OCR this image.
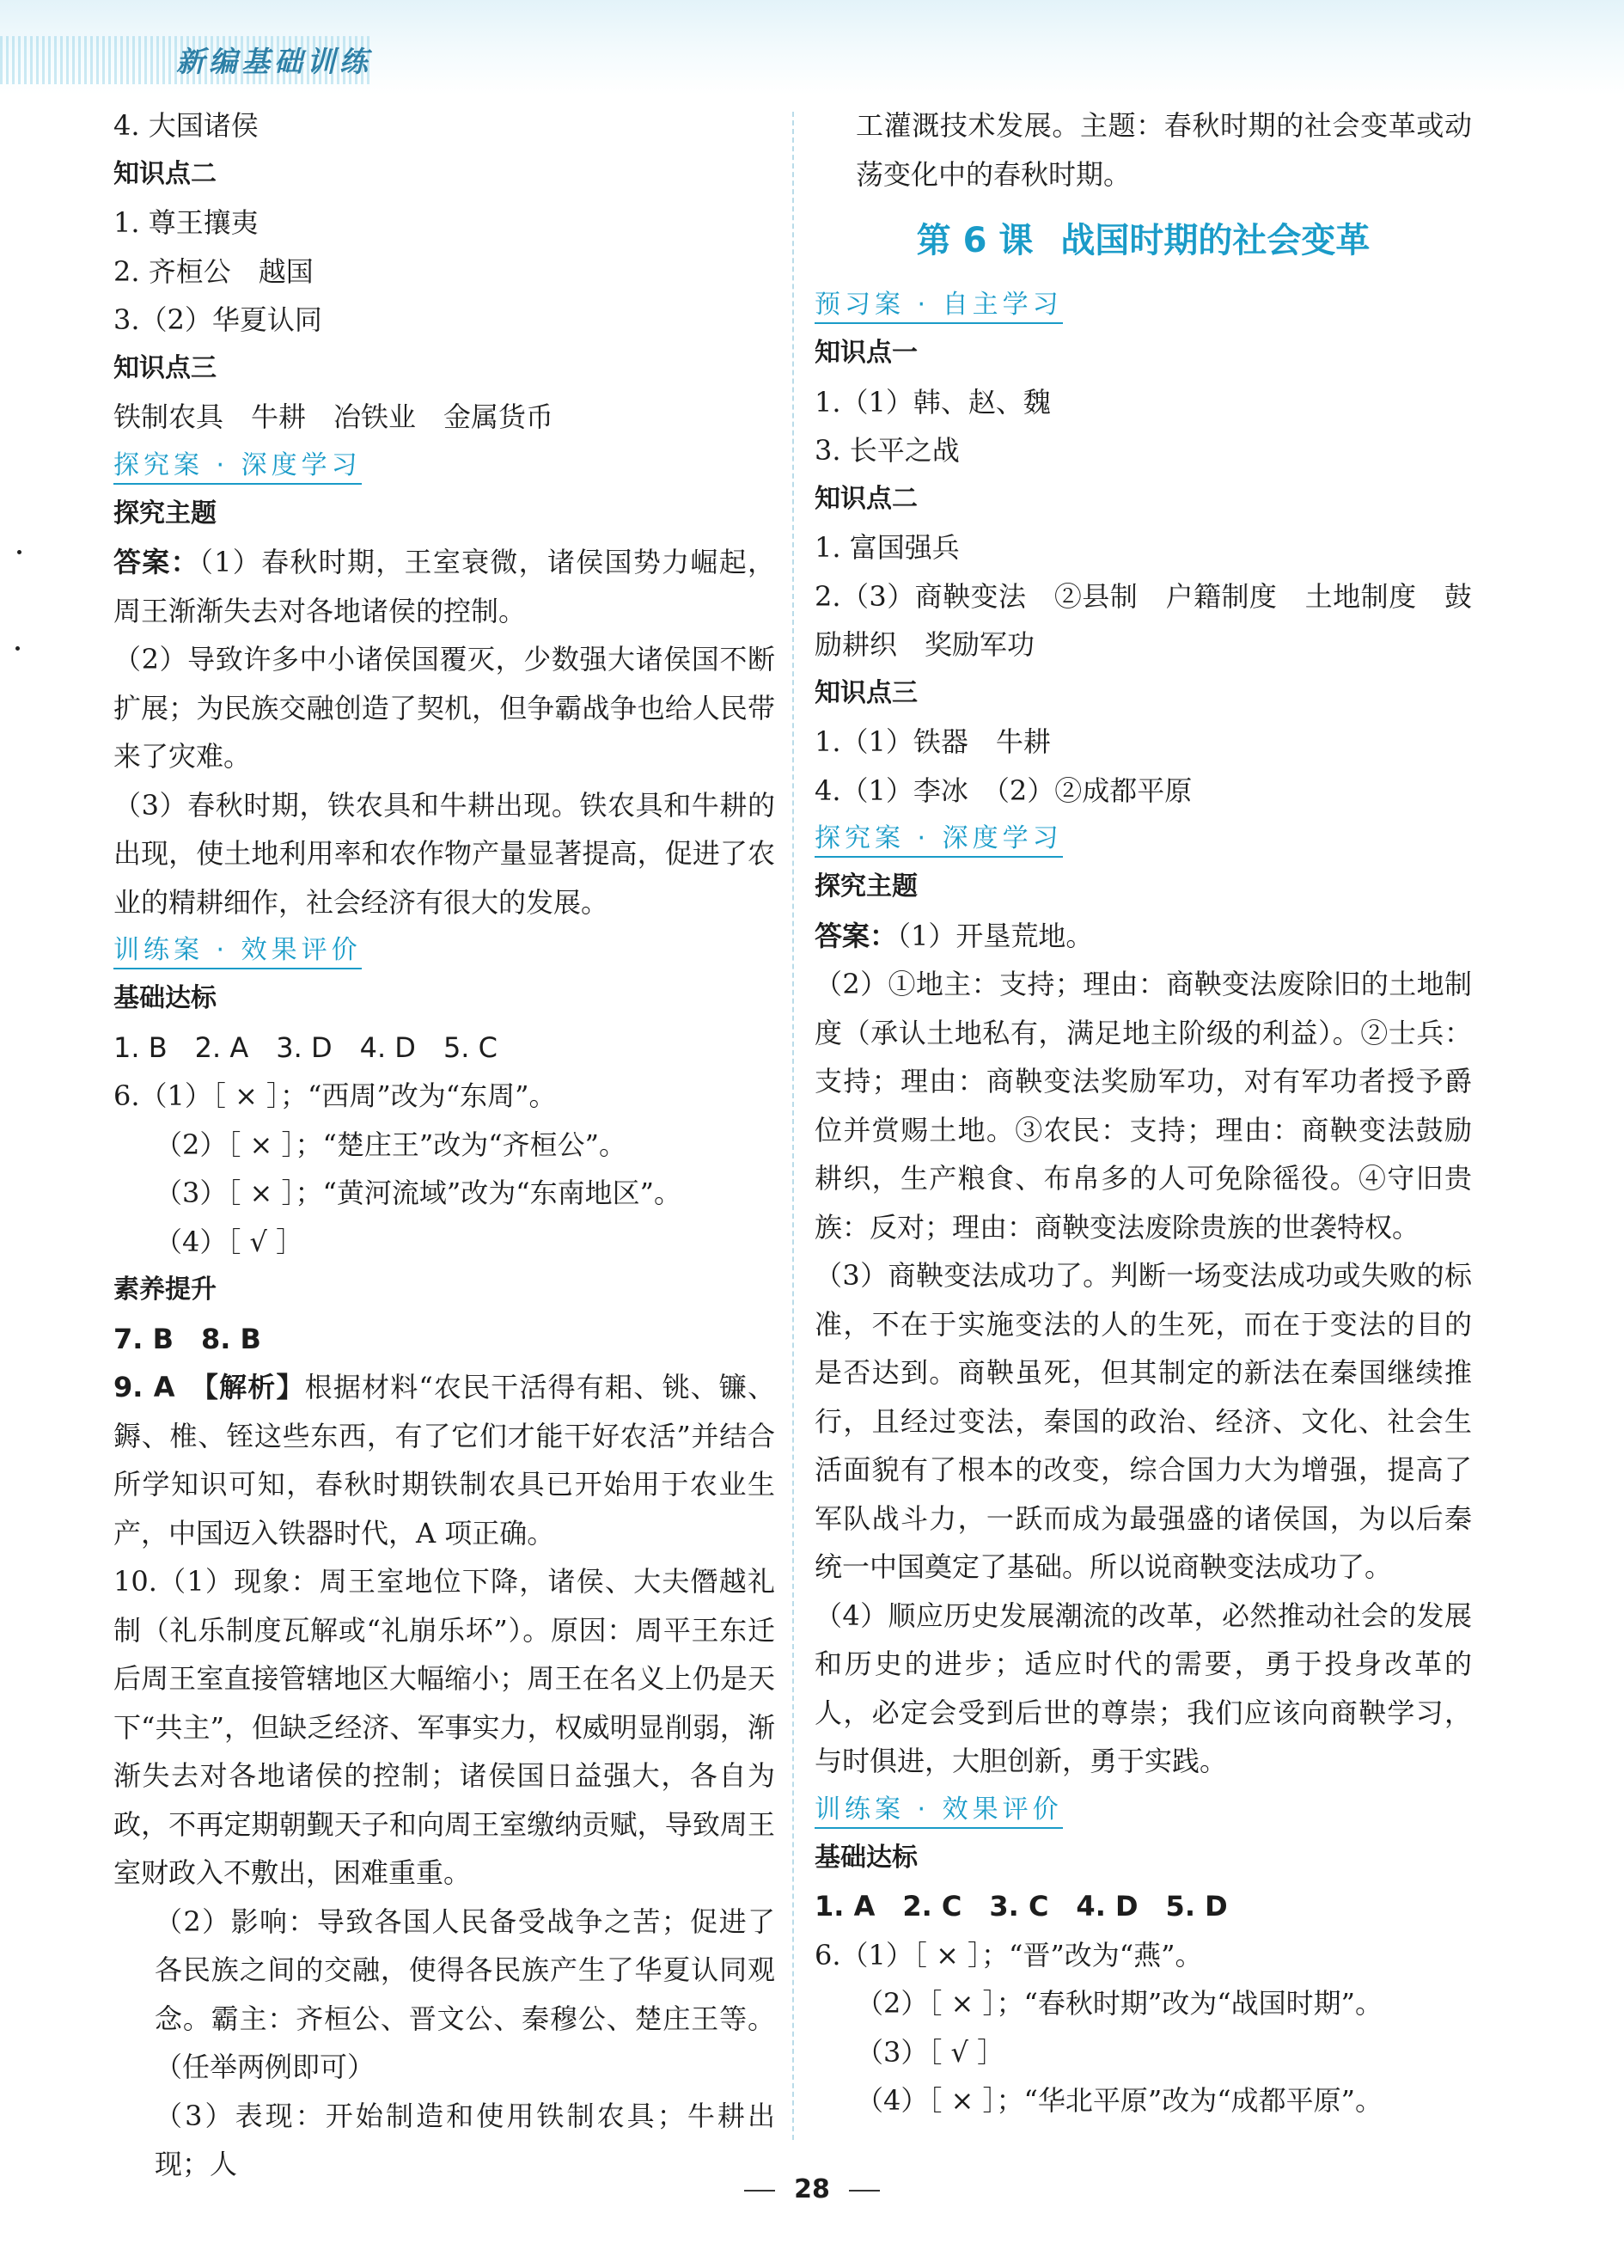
新编基础训练

4. 大国诸侯

知识点二

1. 尊王攘夷

2. 齐桓公　越国

3.（2）华夏认同

知识点三

铁制农具　牛耕　冶铁业　金属货币

探究案 · 深度学习

探究主题

答案：（1）春秋时期，王室衰微，诸侯国势力崛起，周王渐渐失去对各地诸侯的控制。

（2）导致许多中小诸侯国覆灭，少数强大诸侯国不断扩展；为民族交融创造了契机，但争霸战争也给人民带来了灾难。

（3）春秋时期，铁农具和牛耕出现。铁农具和牛耕的出现，使土地利用率和农作物产量显著提高，促进了农业的精耕细作，社会经济有很大的发展。

训练案 · 效果评价

基础达标

1. B　2. A　3. D　4. D　5. C

6.（1）［ × ］；“西周”改为“东周”。

（2）［ × ］；“楚庄王”改为“齐桓公”。

（3）［ × ］；“黄河流域”改为“东南地区”。

（4）［ √ ］

素养提升

7. B　8. B

9. A　【解析】根据材料“农民干活得有耜、铫、镰、鎒、椎、铚这些东西，有了它们才能干好农活”并结合所学知识可知，春秋时期铁制农具已开始用于农业生产，中国迈入铁器时代，A 项正确。

10.（1）现象：周王室地位下降，诸侯、大夫僭越礼制（礼乐制度瓦解或“礼崩乐坏”）。原因：周平王东迁后周王室直接管辖地区大幅缩小；周王在名义上仍是天下“共主”，但缺乏经济、军事实力，权威明显削弱，渐渐失去对各地诸侯的控制；诸侯国日益强大，各自为政，不再定期朝觐天子和向周王室缴纳贡赋，导致周王室财政入不敷出，困难重重。

（2）影响：导致各国人民备受战争之苦；促进了各民族之间的交融，使得各民族产生了华夏认同观念。霸主：齐桓公、晋文公、秦穆公、楚庄王等。（任举两例即可）

（3）表现：开始制造和使用铁制农具；牛耕出现；人

工灌溉技术发展。主题：春秋时期的社会变革或动荡变化中的春秋时期。

第 6 课 战国时期的社会变革
预习案 · 自主学习

知识点一

1.（1）韩、赵、魏

3. 长平之战

知识点二

1. 富国强兵

2.（3）商鞅变法　②县制　户籍制度　土地制度　鼓励耕织　奖励军功

知识点三

1.（1）铁器　牛耕

4.（1）李冰　（2）②成都平原

探究案 · 深度学习

探究主题

答案：（1）开垦荒地。

（2）①地主：支持；理由：商鞅变法废除旧的土地制度（承认土地私有，满足地主阶级的利益）。②士兵：支持；理由：商鞅变法奖励军功，对有军功者授予爵位并赏赐土地。③农民：支持；理由：商鞅变法鼓励耕织，生产粮食、布帛多的人可免除徭役。④守旧贵族：反对；理由：商鞅变法废除贵族的世袭特权。

（3）商鞅变法成功了。判断一场变法成功或失败的标准，不在于实施变法的人的生死，而在于变法的目的是否达到。商鞅虽死，但其制定的新法在秦国继续推行，且经过变法，秦国的政治、经济、文化、社会生活面貌有了根本的改变，综合国力大为增强，提高了军队战斗力，一跃而成为最强盛的诸侯国，为以后秦统一中国奠定了基础。所以说商鞅变法成功了。

（4）顺应历史发展潮流的改革，必然推动社会的发展和历史的进步；适应时代的需要，勇于投身改革的人，必定会受到后世的尊崇；我们应该向商鞅学习，与时俱进，大胆创新，勇于实践。

训练案 · 效果评价

基础达标

1. A　2. C　3. C　4. D　5. D

6.（1）［ × ］；“晋”改为“燕”。

（2）［ × ］；“春秋时期”改为“战国时期”。

（3）［ √ ］

（4）［ × ］；“华北平原”改为“成都平原”。

28
